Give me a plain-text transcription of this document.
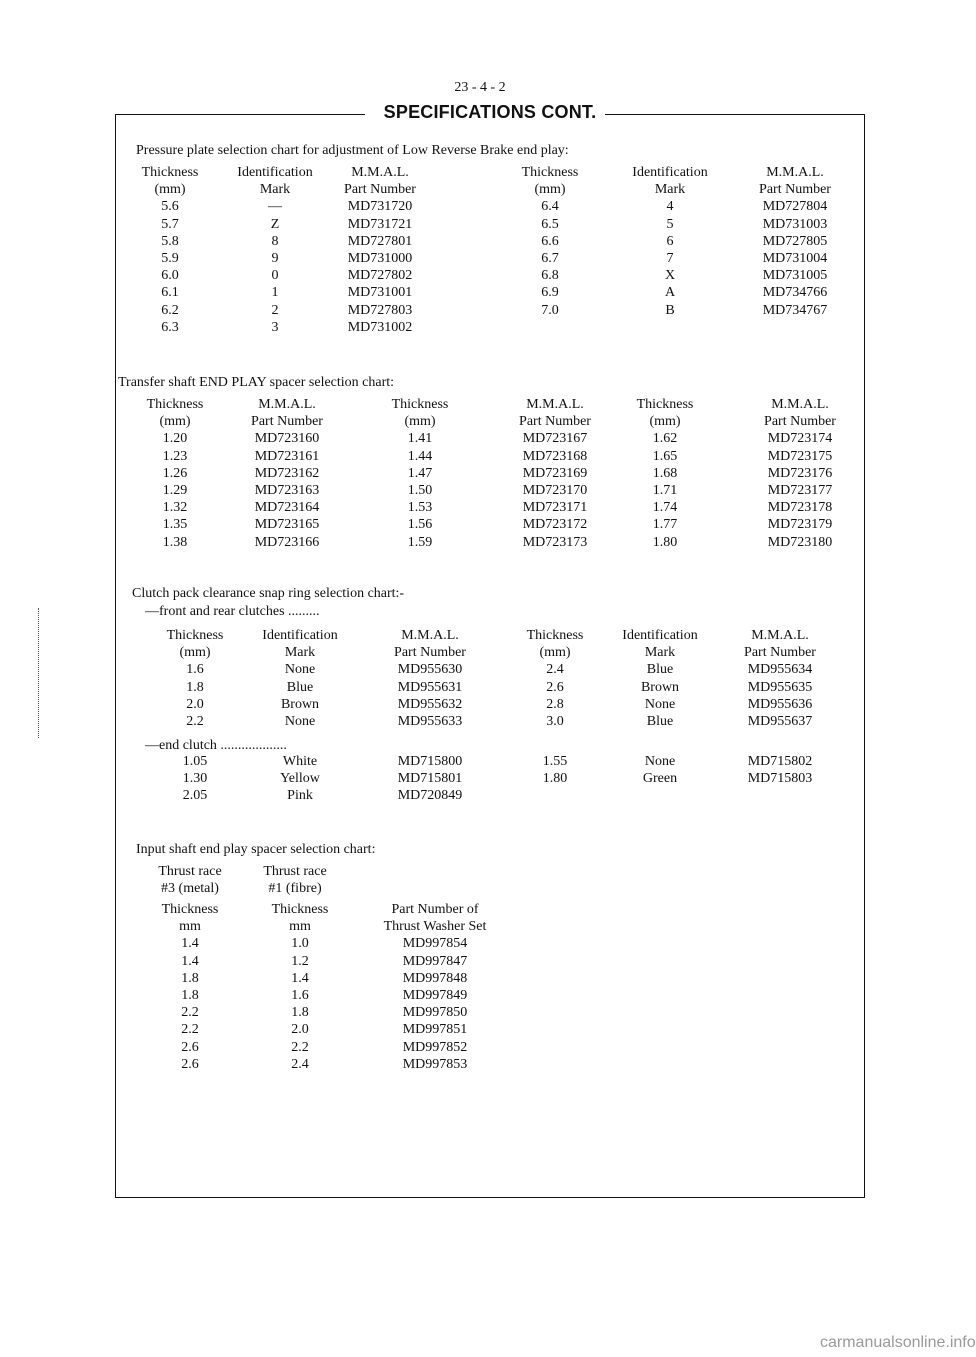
23 - 4 - 2
SPECIFICATIONS CONT.
Pressure plate selection chart for adjustment of Low Reverse Brake end play:
Transfer shaft END PLAY spacer selection chart:
Clutch pack clearance snap ring selection chart:-
—front and rear clutches .........
—end clutch ...................
Input shaft end play spacer selection chart:
Thickness
(mm)
5.6
5.7
5.8
5.9
6.0
6.1
6.2
6.3
Identification
Mark
—
Z
8
9
0
1
2
3
M.M.A.L.
Part Number
MD731720
MD731721
MD727801
MD731000
MD727802
MD731001
MD727803
MD731002
Thickness
(mm)
6.4
6.5
6.6
6.7
6.8
6.9
7.0
Identification
Mark
4
5
6
7
X
A
B
M.M.A.L.
Part Number
MD727804
MD731003
MD727805
MD731004
MD731005
MD734766
MD734767
Thickness
(mm)
1.20
1.23
1.26
1.29
1.32
1.35
1.38
M.M.A.L.
Part Number
MD723160
MD723161
MD723162
MD723163
MD723164
MD723165
MD723166
Thickness
(mm)
1.41
1.44
1.47
1.50
1.53
1.56
1.59
M.M.A.L.
Part Number
MD723167
MD723168
MD723169
MD723170
MD723171
MD723172
MD723173
Thickness
(mm)
1.62
1.65
1.68
1.71
1.74
1.77
1.80
M.M.A.L.
Part Number
MD723174
MD723175
MD723176
MD723177
MD723178
MD723179
MD723180
Thickness
(mm)
1.6
1.8
2.0
2.2
Identification
Mark
None
Blue
Brown
None
M.M.A.L.
Part Number
MD955630
MD955631
MD955632
MD955633
Thickness
(mm)
2.4
2.6
2.8
3.0
Identification
Mark
Blue
Brown
None
Blue
M.M.A.L.
Part Number
MD955634
MD955635
MD955636
MD955637
1.05
1.30
2.05
White
Yellow
Pink
MD715800
MD715801
MD720849
1.55
1.80
None
Green
MD715802
MD715803
Thrust race
#3 (metal)
Thrust race
#1 (fibre)
Thickness
mm
1.4
1.4
1.8
1.8
2.2
2.2
2.6
2.6
Thickness
mm
1.0
1.2
1.4
1.6
1.8
2.0
2.2
2.4
Part Number of
Thrust Washer Set
MD997854
MD997847
MD997848
MD997849
MD997850
MD997851
MD997852
MD997853
carmanualsonline.info
